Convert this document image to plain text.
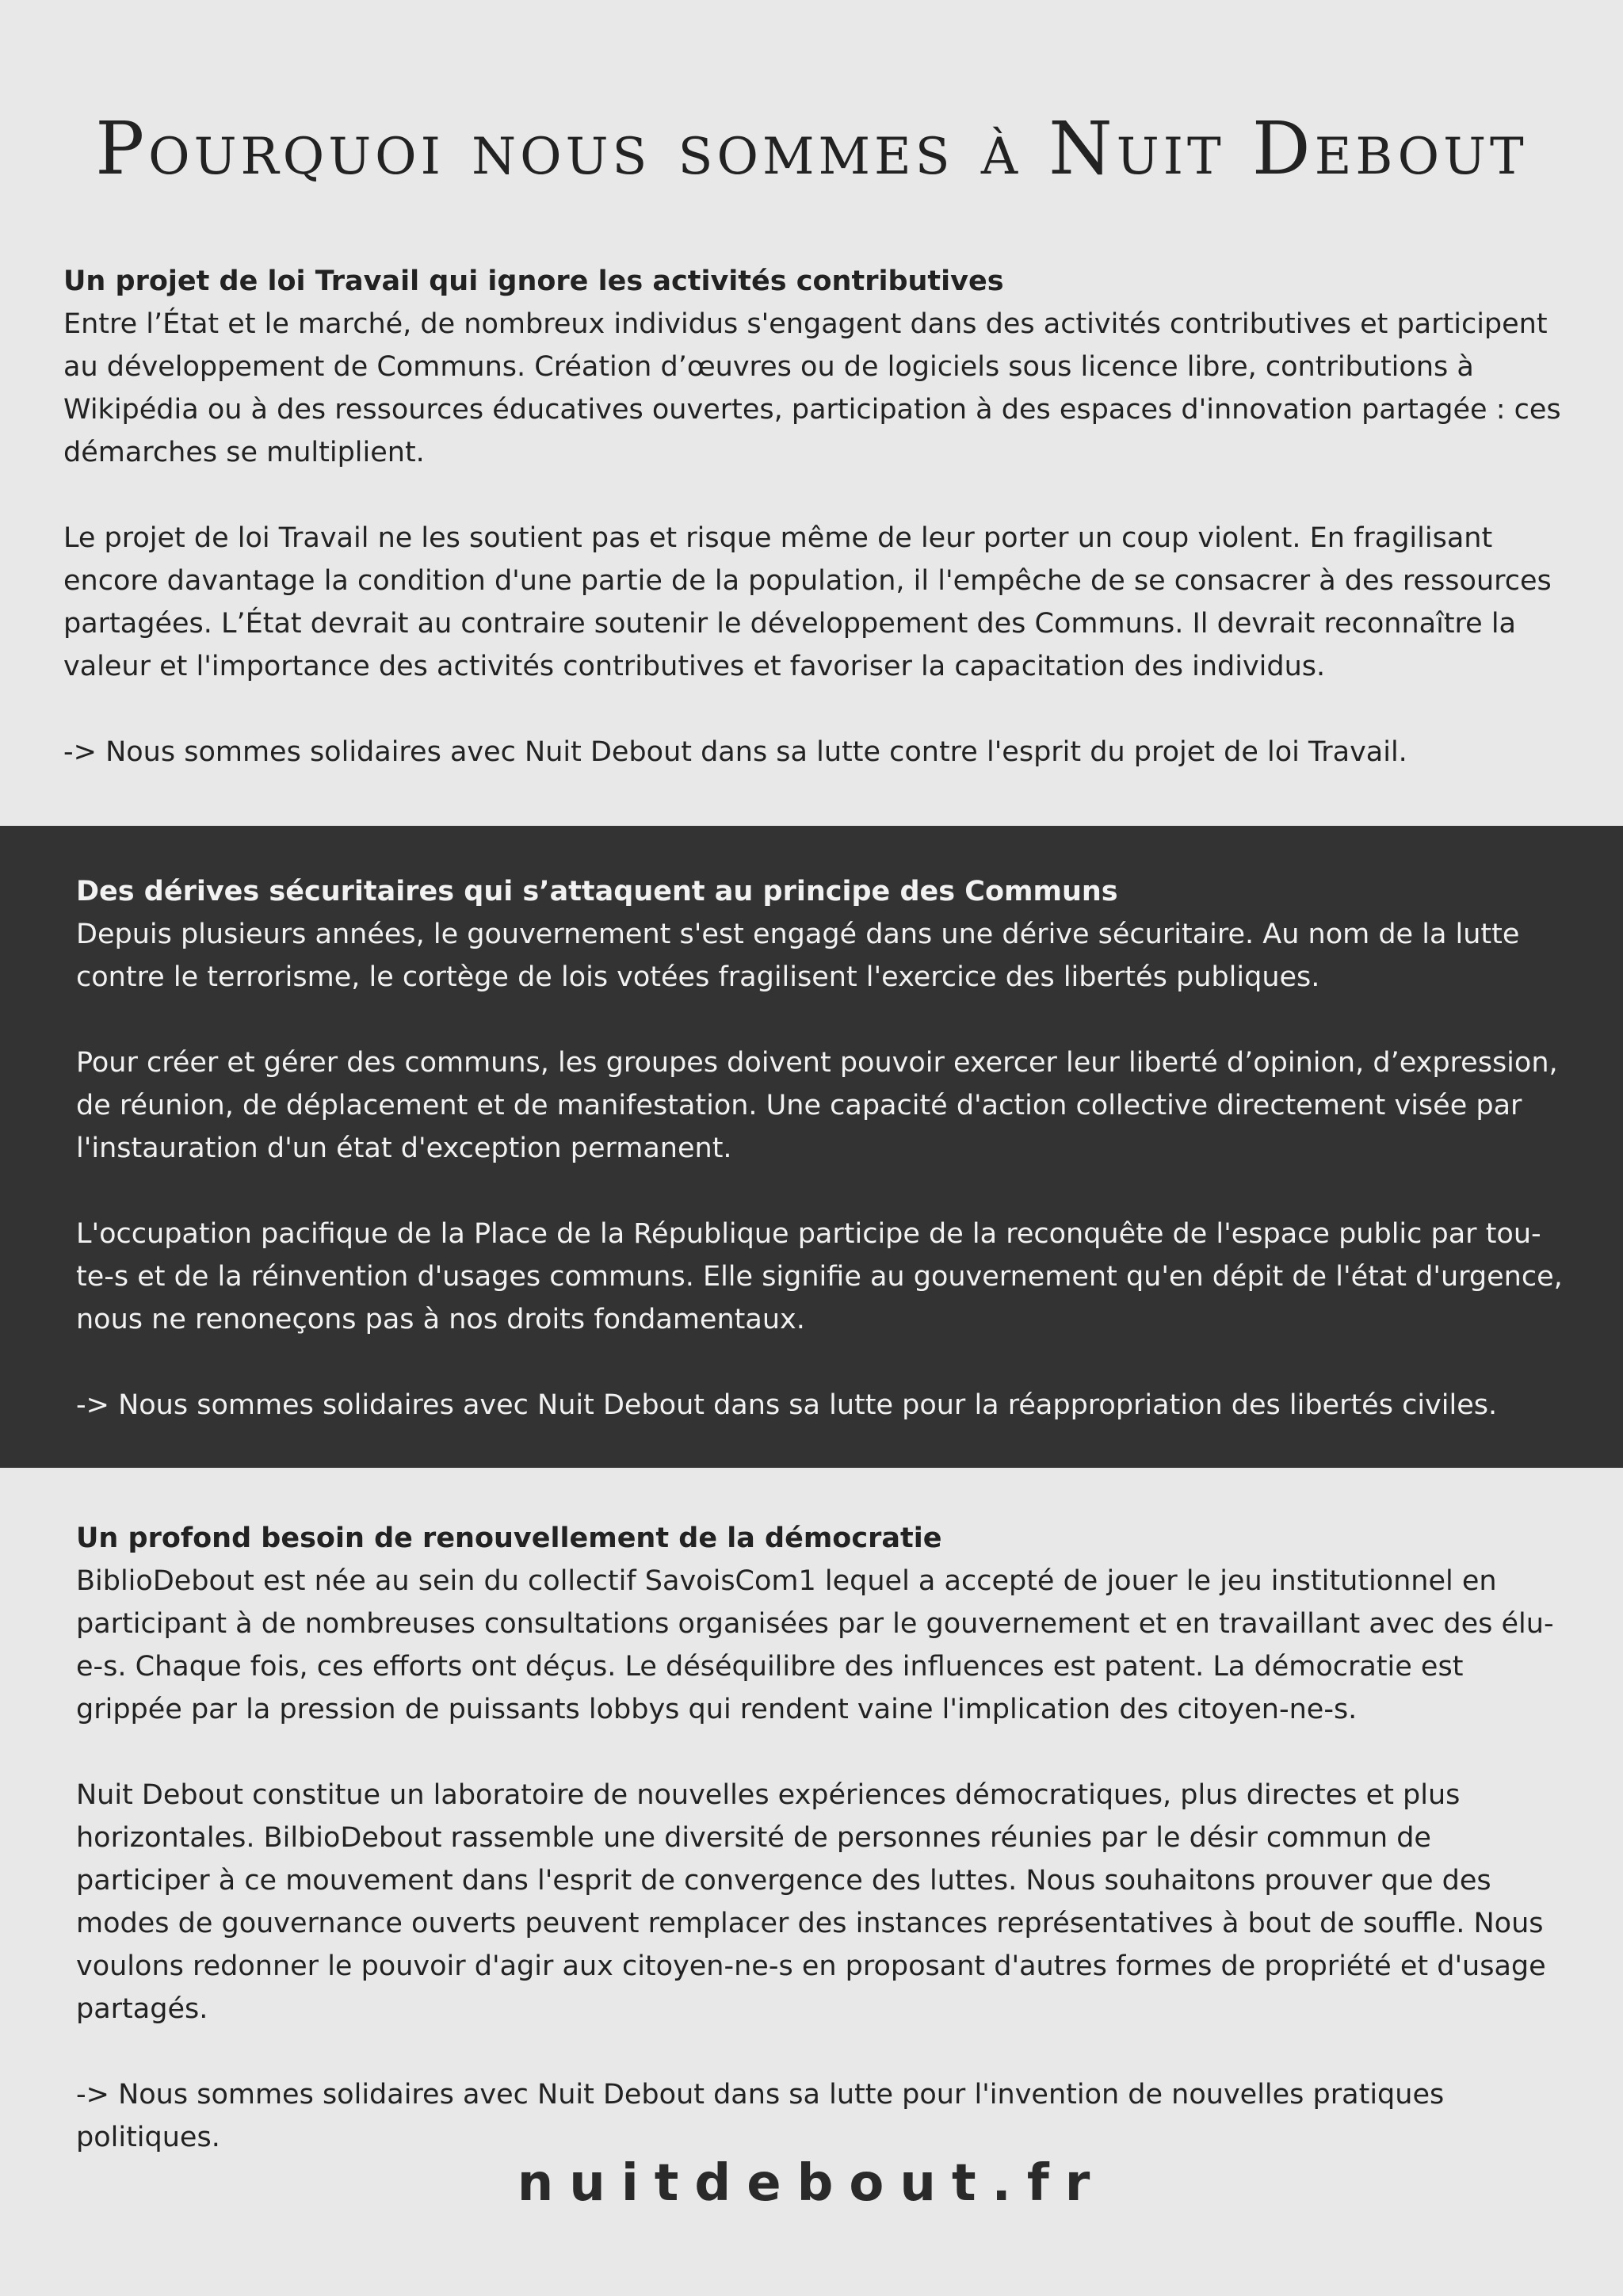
Pourquoi nous sommes à Nuit Debout

Un projet de loi Travail qui ignore les activités contributives

Entre l’État et le marché, de nombreux individus s'engagent dans des activités contributives et participent au développement de Communs. Création d’œuvres ou de logiciels sous licence libre, contributions à Wikipédia ou à des ressources éducatives ouvertes, participation à des espaces d'innovation partagée : ces démarches se multiplient.

Le projet de loi Travail ne les soutient pas et risque même de leur porter un coup violent. En fragilisant encore davantage la condition d'une partie de la population, il l'empêche de se consacrer à des ressources partagées. L’État devrait au contraire soutenir le développement des Communs. Il devrait reconnaître la valeur et l'importance des activités contributives et favoriser la capacitation des individus.

-> Nous sommes solidaires avec Nuit Debout dans sa lutte contre l'esprit du projet de loi Travail.

Des dérives sécuritaires qui s’attaquent au principe des Communs

Depuis plusieurs années, le gouvernement s'est engagé dans une dérive sécuritaire. Au nom de la lutte contre le terrorisme, le cortège de lois votées fragilisent l'exercice des libertés publiques.

Pour créer et gérer des communs, les groupes doivent pouvoir exercer leur liberté d’opinion, d’expression, de réunion, de déplacement et de manifestation. Une capacité d'action collective directement visée par l'instauration d'un état d'exception permanent.

L'occupation pacifique de la Place de la République participe de la reconquête de l'espace public par tou-te-s et de la réinvention d'usages communs. Elle signifie au gouvernement qu'en dépit de l'état d'urgence, nous ne renoneçons pas à nos droits fondamentaux.

-> Nous sommes solidaires avec Nuit Debout dans sa lutte pour la réappropriation des libertés civiles.

Un profond besoin de renouvellement de la démocratie

BiblioDebout est née au sein du collectif SavoisCom1 lequel a accepté de jouer le jeu institutionnel en participant à de nombreuses consultations organisées par le gouvernement et en travaillant avec des élu-e-s. Chaque fois, ces efforts ont déçus. Le déséquilibre des influences est patent. La démocratie est grippée par la pression de puissants lobbys qui rendent vaine l'implication des citoyen-ne-s.

Nuit Debout constitue un laboratoire de nouvelles expériences démocratiques, plus directes et plus horizontales. BilbioDebout rassemble une diversité de personnes réunies par le désir commun de participer à ce mouvement dans l'esprit de convergence des luttes. Nous souhaitons prouver que des modes de gouvernance ouverts peuvent remplacer des instances représentatives à bout de souffle. Nous voulons redonner le pouvoir d'agir aux citoyen-ne-s en proposant d'autres formes de propriété et d'usage partagés.

-> Nous sommes solidaires avec Nuit Debout dans sa lutte pour l'invention de nouvelles pratiques politiques.

nuitdebout.fr
